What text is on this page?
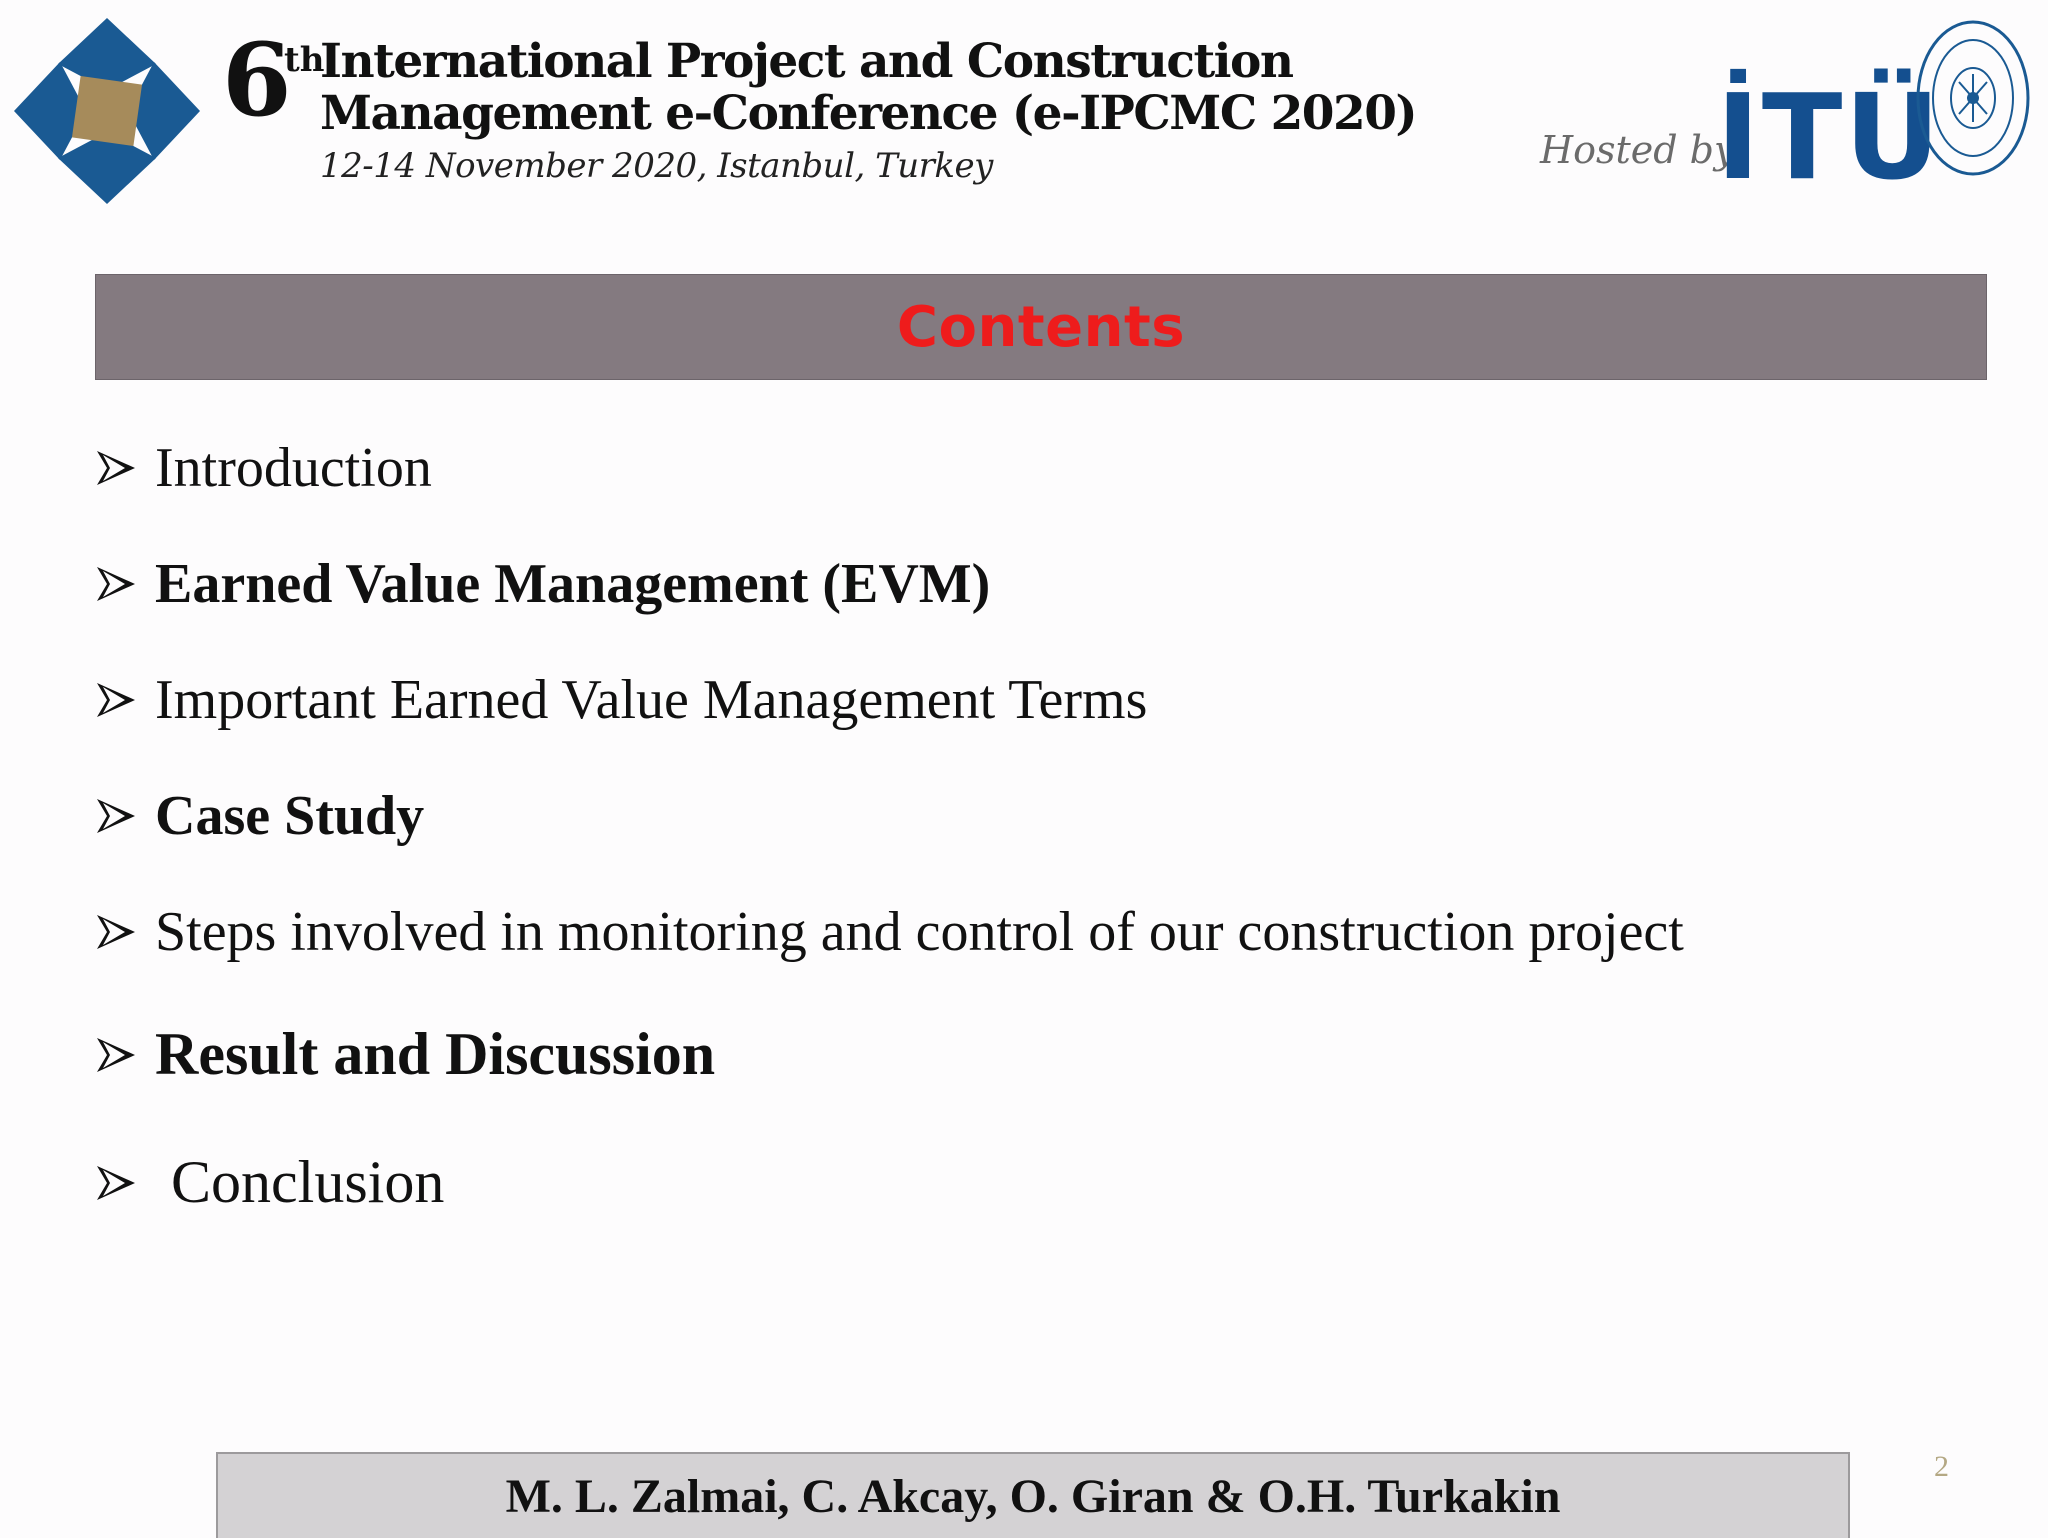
6
th
International Project and Construction
Management e-Conference (e-IPCMC 2020)
12-14 November 2020, Istanbul, Turkey	Hosted by
İTÜ
Contents
Introduction
Earned Value Management (EVM)
Important Earned Value Management Terms
Case Study
Steps involved in monitoring and control of our construction project
Result and Discussion
Conclusion
M. L. Zalmai, C. Akcay, O. Giran & O.H. Turkakin
2
